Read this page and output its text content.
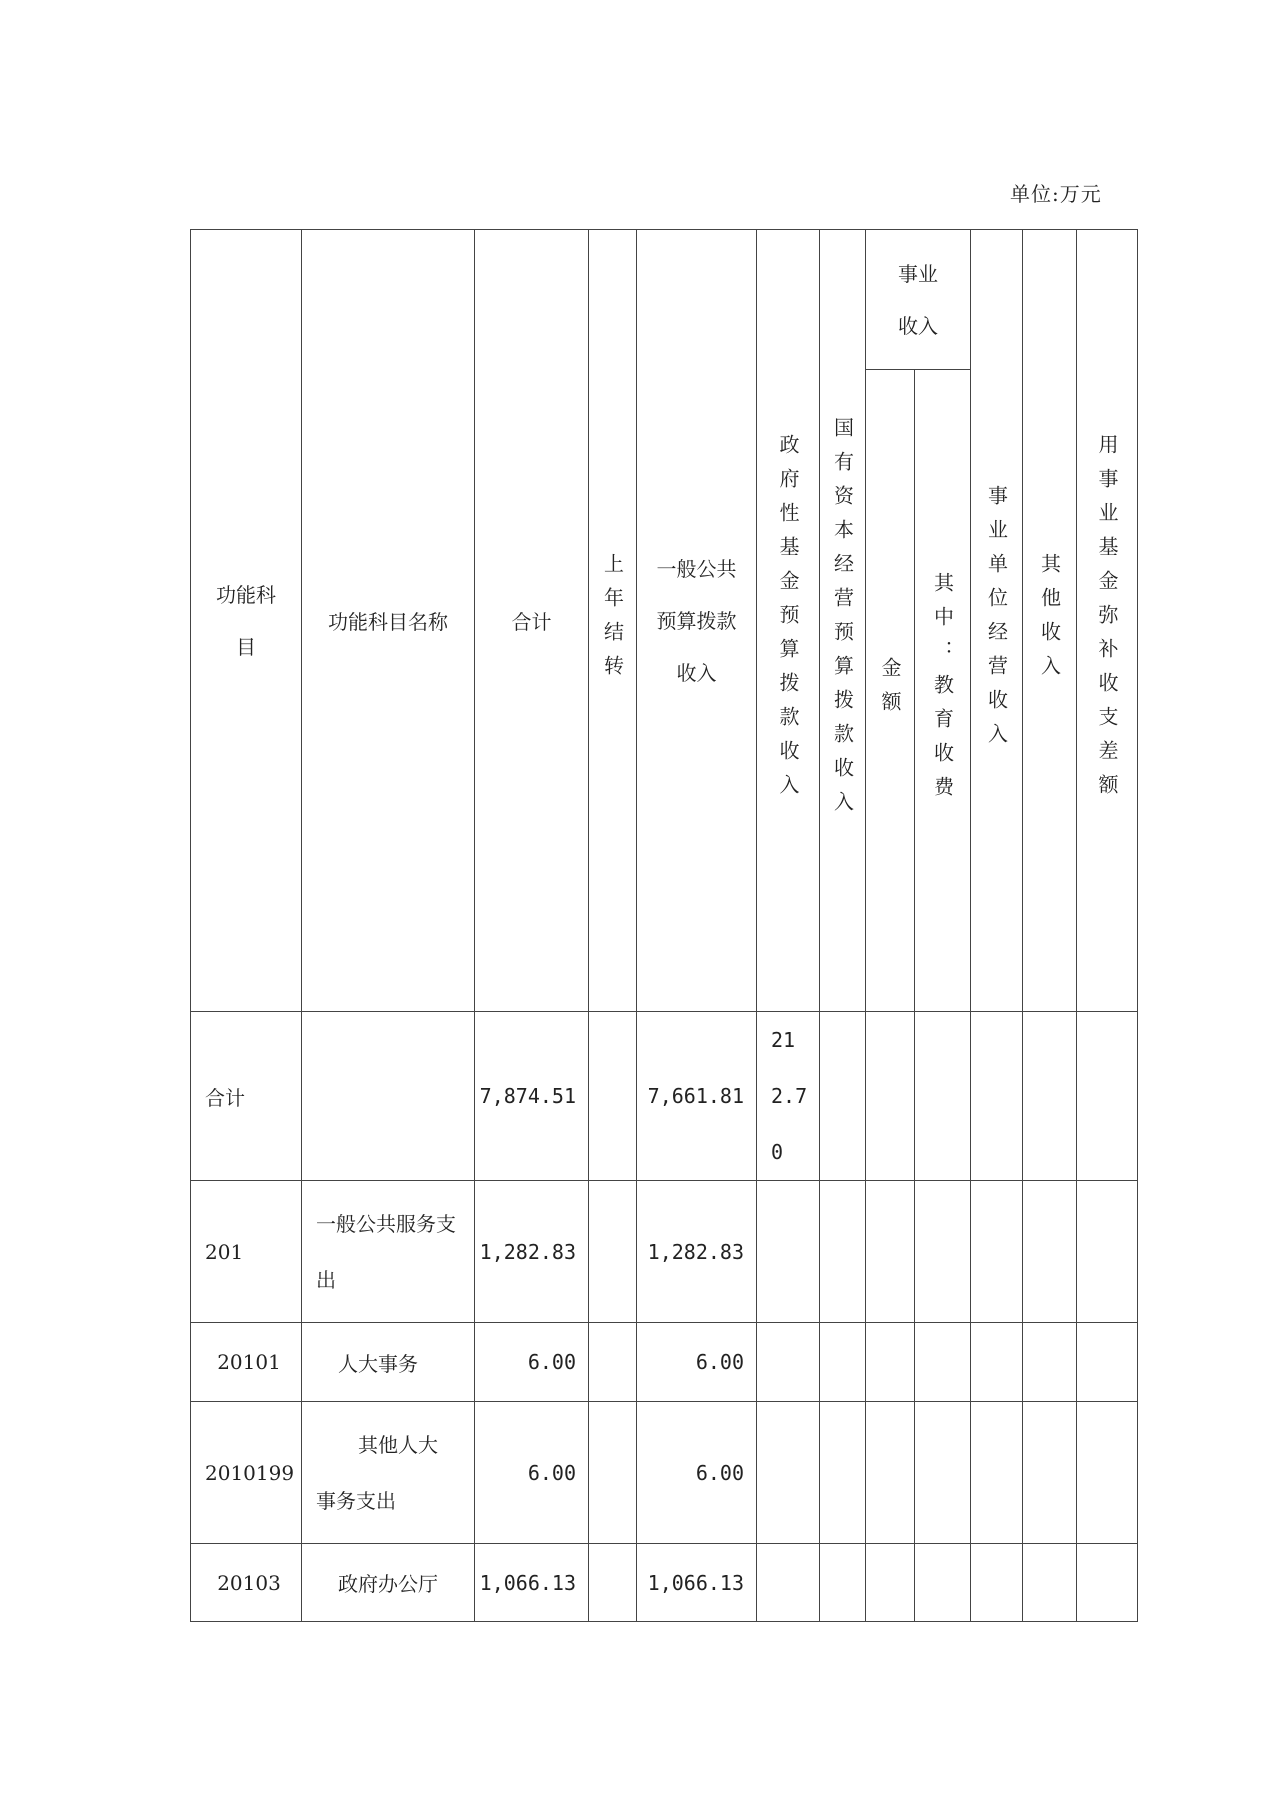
单位:万元
功能科目	功能科目名称	合计	上年结转	一般公共预算拨款收入	政府性基金预算拨款收入	国有资本经营预算拨款收入	事业收入		事业单位经营收入	其他收入	用事业基金弥补收支差额

							金额	其中：教育收费			

合计		7,874.51		7,661.81	212.70						

201	一般公共服务支出	1,282.83		1,282.83							
20101	人大事务	6.00		6.00							
2010199	其他人大事务支出	6.00		6.00							
20103	政府办公厅	1,066.13		1,066.13							
